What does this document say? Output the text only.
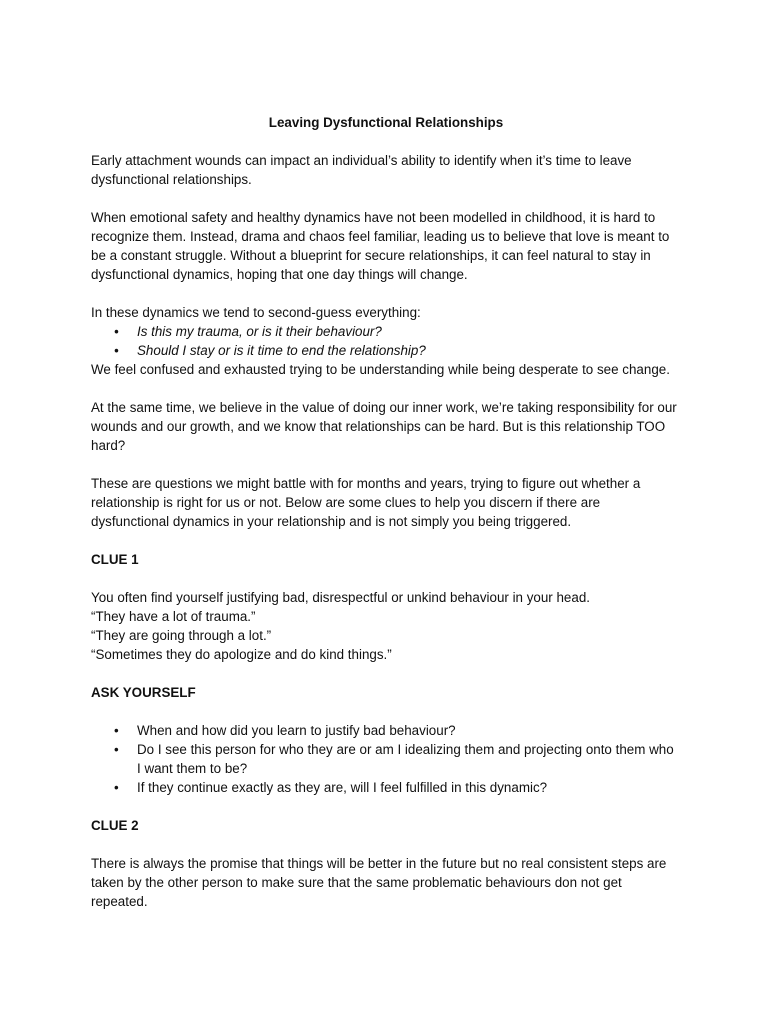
Leaving Dysfunctional Relationships

Early attachment wounds can impact an individual’s ability to identify when it’s time to leave dysfunctional relationships.

When emotional safety and healthy dynamics have not been modelled in childhood, it is hard to recognize them. Instead, drama and chaos feel familiar, leading us to believe that love is meant to be a constant struggle. Without a blueprint for secure relationships, it can feel natural to stay in dysfunctional dynamics, hoping that one day things will change.

In these dynamics we tend to second-guess everything:

• Is this my trauma, or is it their behaviour?
• Should I stay or is it time to end the relationship?

We feel confused and exhausted trying to be understanding while being desperate to see change.

At the same time, we believe in the value of doing our inner work, we’re taking responsibility for our wounds and our growth, and we know that relationships can be hard. But is this relationship TOO hard?

These are questions we might battle with for months and years, trying to figure out whether a relationship is right for us or not. Below are some clues to help you discern if there are dysfunctional dynamics in your relationship and is not simply you being triggered.

CLUE 1

You often find yourself justifying bad, disrespectful or unkind behaviour in your head.
“They have a lot of trauma.”
“They are going through a lot.”
“Sometimes they do apologize and do kind things.”

ASK YOURSELF
• When and how did you learn to justify bad behaviour?
• Do I see this person for who they are or am I idealizing them and projecting onto them who I want them to be?
• If they continue exactly as they are, will I feel fulfilled in this dynamic?
CLUE 2

There is always the promise that things will be better in the future but no real consistent steps are taken by the other person to make sure that the same problematic behaviours don not get repeated.
